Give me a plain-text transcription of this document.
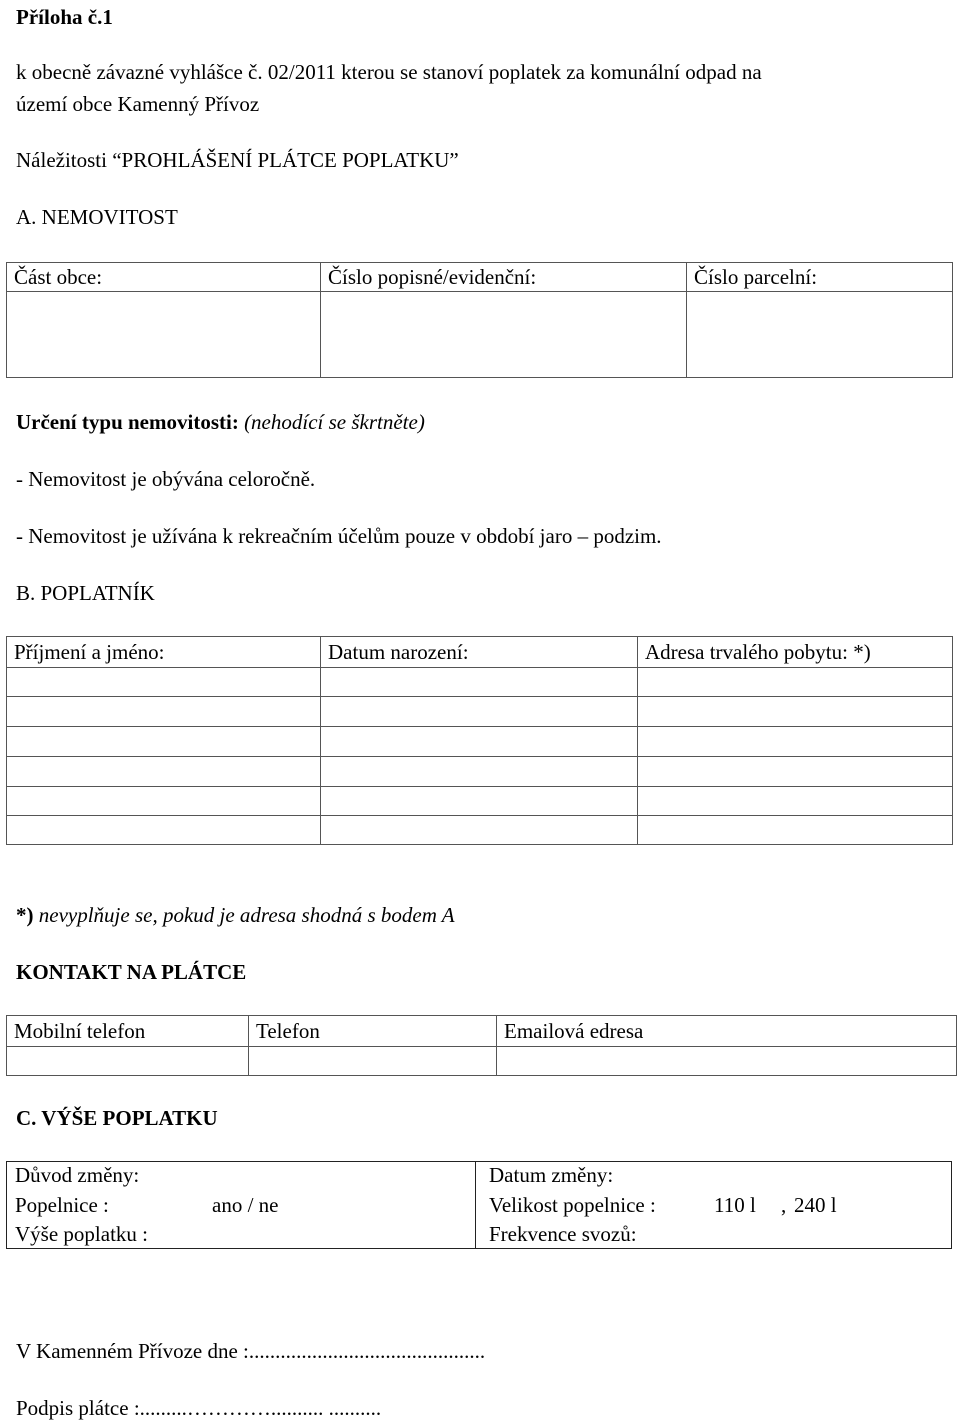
Příloha č.1
k obecně závazné vyhlášce č. 02/2011 kterou se stanoví poplatek za komunální odpad na
území obce Kamenný Přívoz
Náležitosti “PROHLÁŠENÍ PLÁTCE POPLATKU”
A. NEMOVITOST
Část obce:	Číslo popisné/evidenční:	Číslo parcelní:

Určení typu nemovitosti: (nehodící se škrtněte)
- Nemovitost je obývána celoročně.
- Nemovitost je užívána k rekreačním účelům pouze v období jaro – podzim.
B. POPLATNÍK
Příjmení a jméno:	Datum narození:	Adresa trvalého pobytu: *)

*) nevyplňuje se, pokud je adresa shodná s bodem A
KONTAKT NA PLÁTCE
Mobilní telefon	Telefon	Emailová edresa

C. VÝŠE POPLATKU
Důvod změny:	Datum změny:
Popelnice :	ano / ne	Velikost popelnice :	110 l , 240 l
Výše poplatku :	Frekvence svozů:
V Kamenném Přívoze dne :.............................................
Podpis plátce :.........………….......... ..........
